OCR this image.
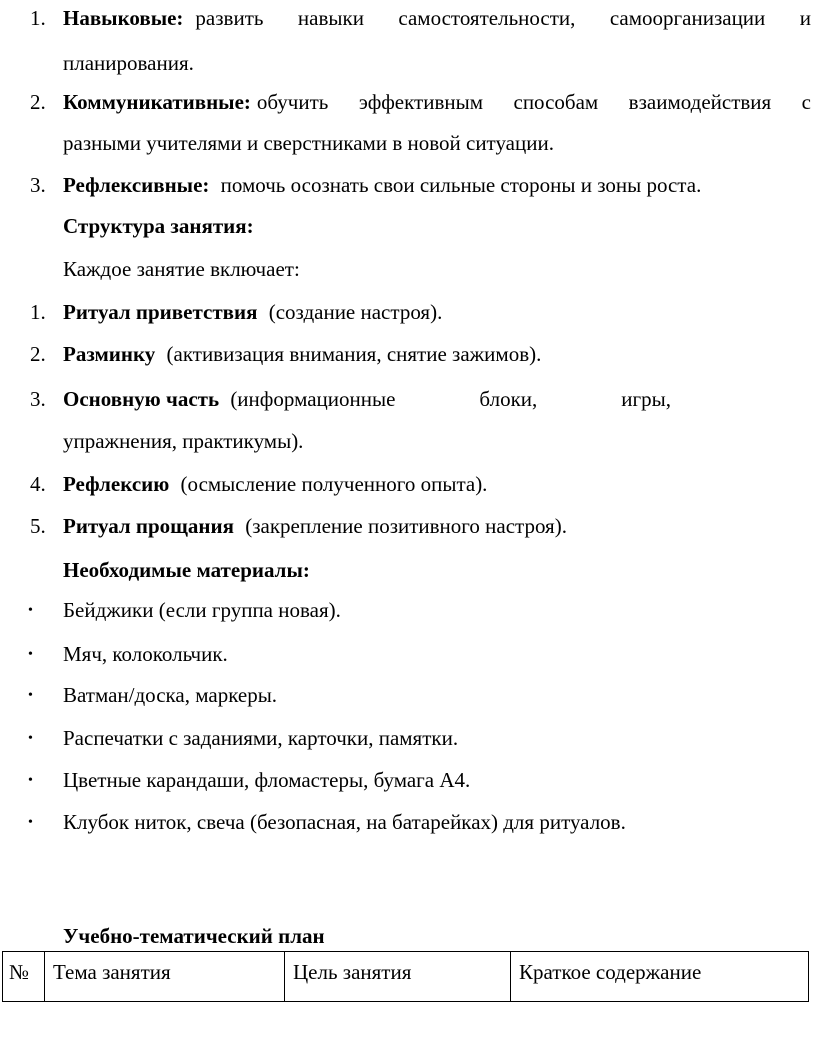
1. Навыковые: развить навыки самостоятельности, самоорганизации и
планирования.
2. Коммуникативные: обучить эффективным способам взаимодействия с
разными учителями и сверстниками в новой ситуации.
3. Рефлексивные: помочь осознать свои сильные стороны и зоны роста.
Структура занятия:
Каждое занятие включает:
1. Ритуал приветствия (создание настроя).
2. Разминку (активизация внимания, снятие зажимов).
3. Основную часть (информационные	блоки,	игры,
упражнения, практикумы).
4. Рефлексию (осмысление полученного опыта).
5. Ритуал прощания (закрепление позитивного настроя).
Необходимые материалы:
• Бейджики (если группа новая).
• Мяч, колокольчик.
• Ватман/доска, маркеры.
• Распечатки с заданиями, карточки, памятки.
• Цветные карандаши, фломастеры, бумага А4.
• Клубок ниток, свеча (безопасная, на батарейках) для ритуалов.
Учебно-тематический план
№	Тема занятия	Цель занятия	Краткое содержание
